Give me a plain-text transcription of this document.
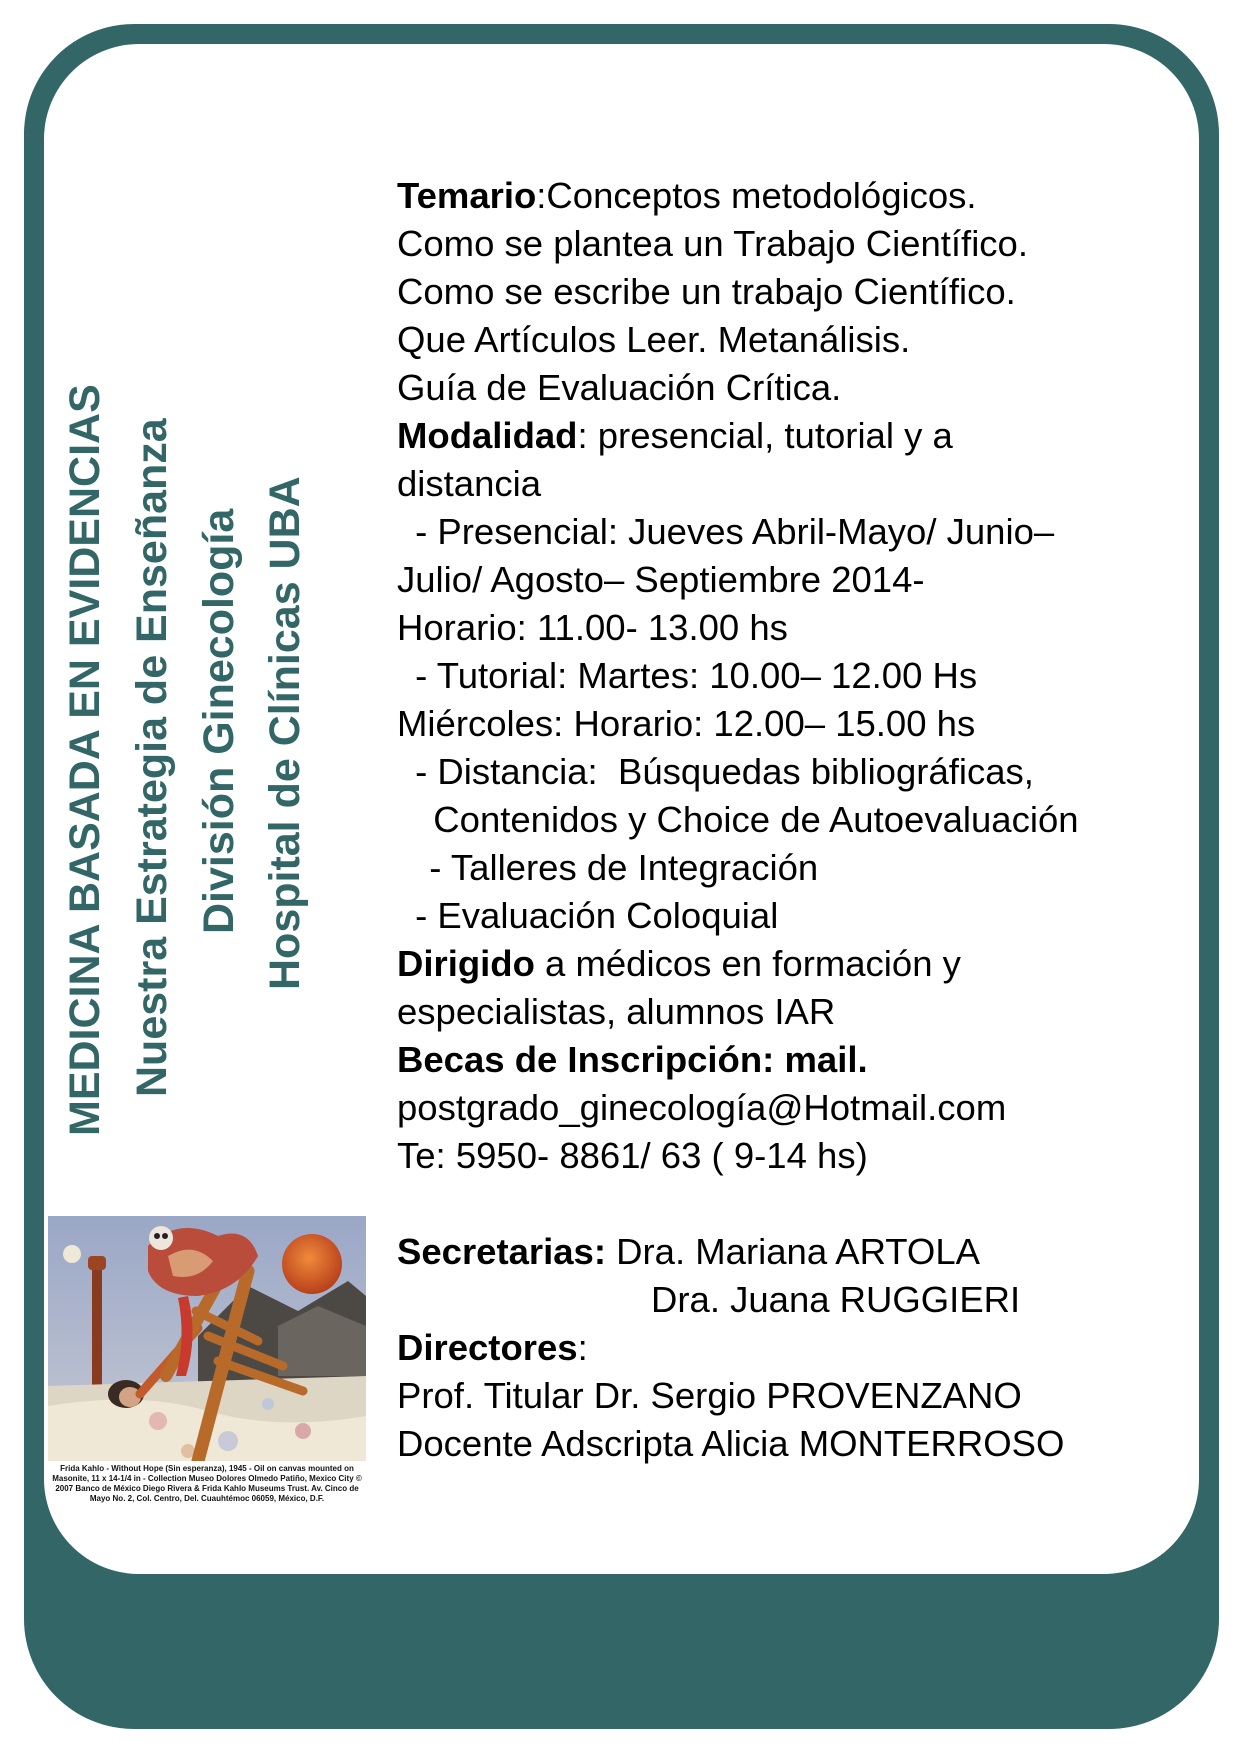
MEDICINA BASADA EN EVIDENCIAS Nuestra Estrategia de Enseñanza División Ginecología Hospital de Clínicas UBA

Temario:Conceptos metodológicos.

Como se plantea un Trabajo Científico.

Como se escribe un trabajo Científico.

Que Artículos Leer. Metanálisis.

Guía de Evaluación Crítica.

Modalidad: presencial, tutorial y a

distancia

- Presencial: Jueves Abril-Mayo/ Junio–

Julio/ Agosto– Septiembre 2014-

Horario: 11.00- 13.00 hs

- Tutorial: Martes: 10.00– 12.00 Hs

Miércoles: Horario: 12.00– 15.00 hs

- Distancia:  Búsquedas bibliográficas,

Contenidos y Choice de Autoevaluación

- Talleres de Integración

- Evaluación Coloquial

Dirigido a médicos en formación y

especialistas, alumnos IAR

Becas de Inscripción: mail.

postgrado_ginecología@Hotmail.com

Te: 5950- 8861/ 63 ( 9-14 hs)

Secretarias: Dra. Mariana ARTOLA

Dra. Juana RUGGIERI

Directores:

Prof. Titular Dr. Sergio PROVENZANO

Docente Adscripta Alicia MONTERROSO

Frida Kahlo - Without Hope (Sin esperanza), 1945 - Oil on canvas mounted on Masonite, 11 x 14-1/4 in - Collection Museo Dolores Olmedo Patiño, Mexico City © 2007 Banco de México Diego Rivera & Frida Kahlo Museums Trust. Av. Cinco de Mayo No. 2, Col. Centro, Del. Cuauhtémoc 06059, México, D.F.
